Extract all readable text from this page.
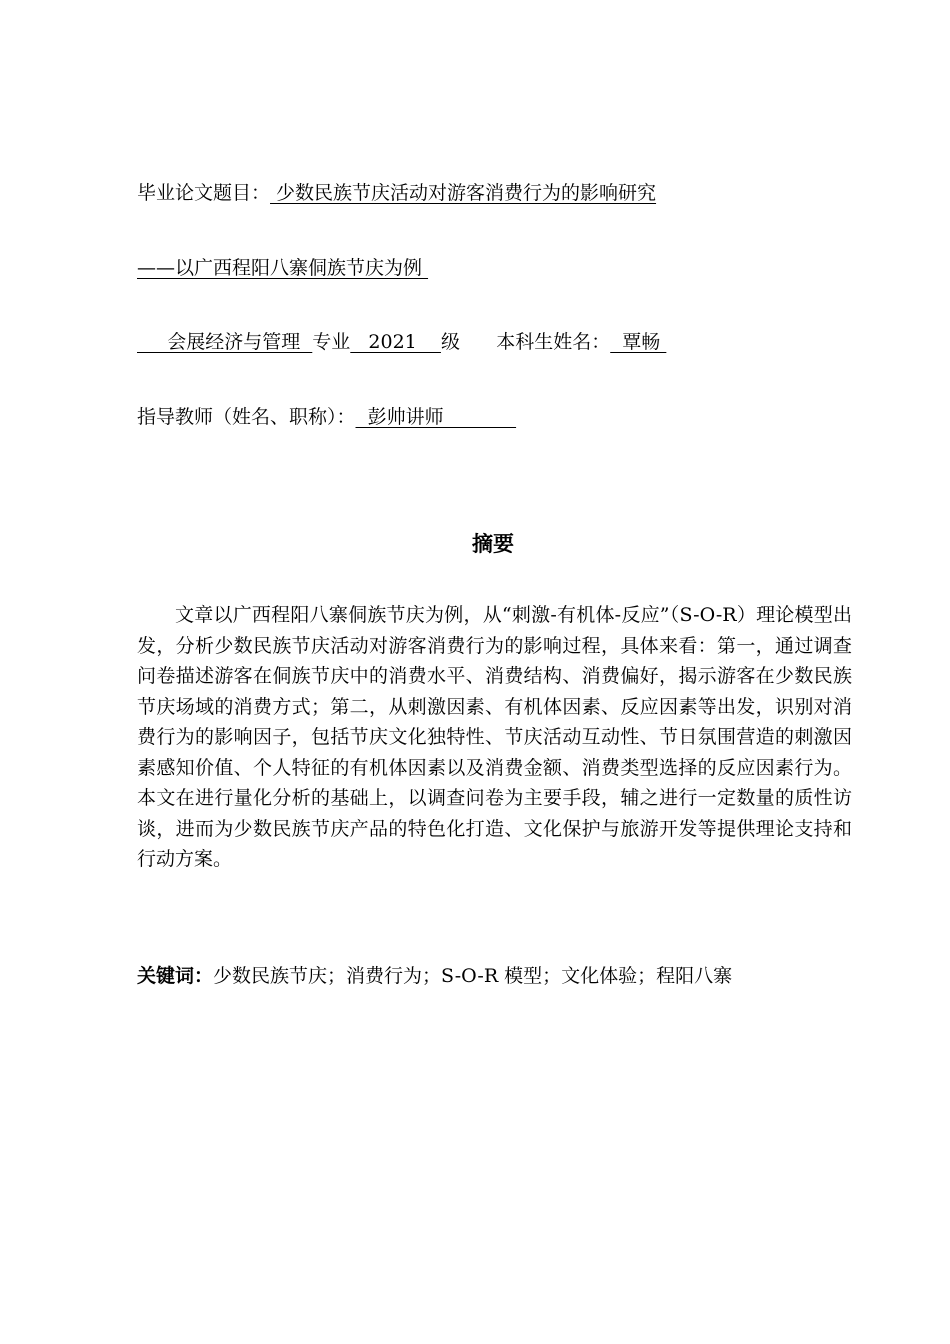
毕业论文题目： 少数民族节庆活动对游客消费行为的影响研究
——以广西程阳八寨侗族节庆为例
会展经济与管理  专业   2021    级 本科生姓名：  覃畅
指导教师（姓名、职称）：  彭帅讲师
摘要

文章以广西程阳八寨侗族节庆为例，从“刺激-有机体-反应”（S-O-R）理论模型出发，分析少数民族节庆活动对游客消费行为的影响过程，具体来看：第一，通过调查问卷描述游客在侗族节庆中的消费水平、消费结构、消费偏好，揭示游客在少数民族节庆场域的消费方式；第二，从刺激因素、有机体因素、反应因素等出发，识别对消费行为的影响因子，包括节庆文化独特性、节庆活动互动性、节日氛围营造的刺激因素感知价值、个人特征的有机体因素以及消费金额、消费类型选择的反应因素行为。本文在进行量化分析的基础上，以调查问卷为主要手段，辅之进行一定数量的质性访谈，进而为少数民族节庆产品的特色化打造、文化保护与旅游开发等提供理论支持和行动方案。

关键词：少数民族节庆；消费行为；S-O-R 模型；文化体验；程阳八寨
